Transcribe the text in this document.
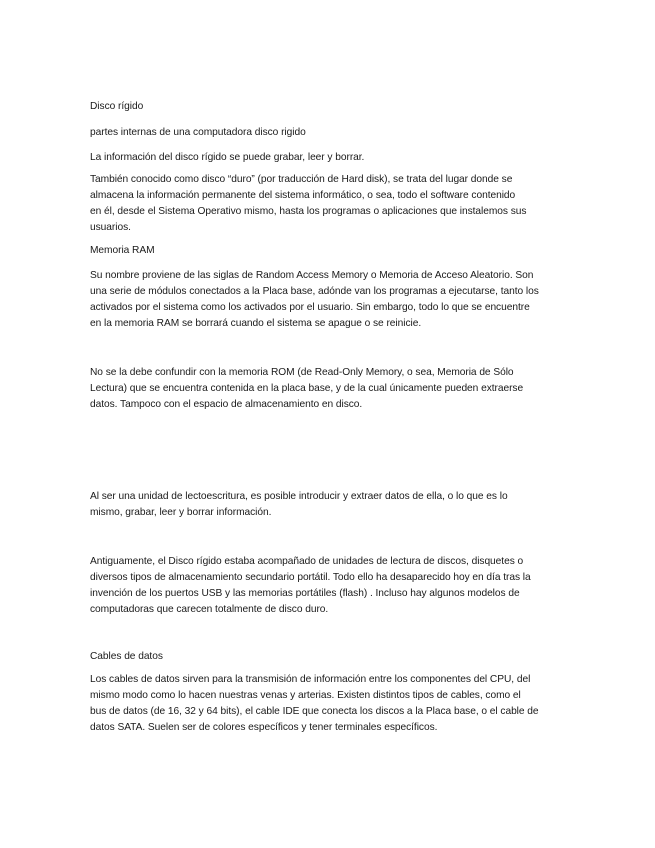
Disco rígido

partes internas de una computadora disco rigido

La información del disco rígido se puede grabar, leer y borrar.

También conocido como disco “duro” (por traducción de Hard disk), se trata del lugar donde se
almacena la información permanente del sistema informático, o sea, todo el software contenido
en él, desde el Sistema Operativo mismo, hasta los programas o aplicaciones que instalemos sus
usuarios.

Memoria RAM

Su nombre proviene de las siglas de Random Access Memory o Memoria de Acceso Aleatorio. Son
una serie de módulos conectados a la Placa base, adónde van los programas a ejecutarse, tanto los
activados por el sistema como los activados por el usuario. Sin embargo, todo lo que se encuentre
en la memoria RAM se borrará cuando el sistema se apague o se reinicie.

No se la debe confundir con la memoria ROM (de Read-Only Memory, o sea, Memoria de Sólo
Lectura) que se encuentra contenida en la placa base, y de la cual únicamente pueden extraerse
datos. Tampoco con el espacio de almacenamiento en disco.

Al ser una unidad de lectoescritura, es posible introducir y extraer datos de ella, o lo que es lo
mismo, grabar, leer y borrar información.

Antiguamente, el Disco rígido estaba acompañado de unidades de lectura de discos, disquetes o
diversos tipos de almacenamiento secundario portátil. Todo ello ha desaparecido hoy en día tras la
invención de los puertos USB y las memorias portátiles (flash) . Incluso hay algunos modelos de
computadoras que carecen totalmente de disco duro.

Cables de datos

Los cables de datos sirven para la transmisión de información entre los componentes del CPU, del
mismo modo como lo hacen nuestras venas y arterias. Existen distintos tipos de cables, como el
bus de datos (de 16, 32 y 64 bits), el cable IDE que conecta los discos a la Placa base, o el cable de
datos SATA. Suelen ser de colores específicos y tener terminales específicos.
